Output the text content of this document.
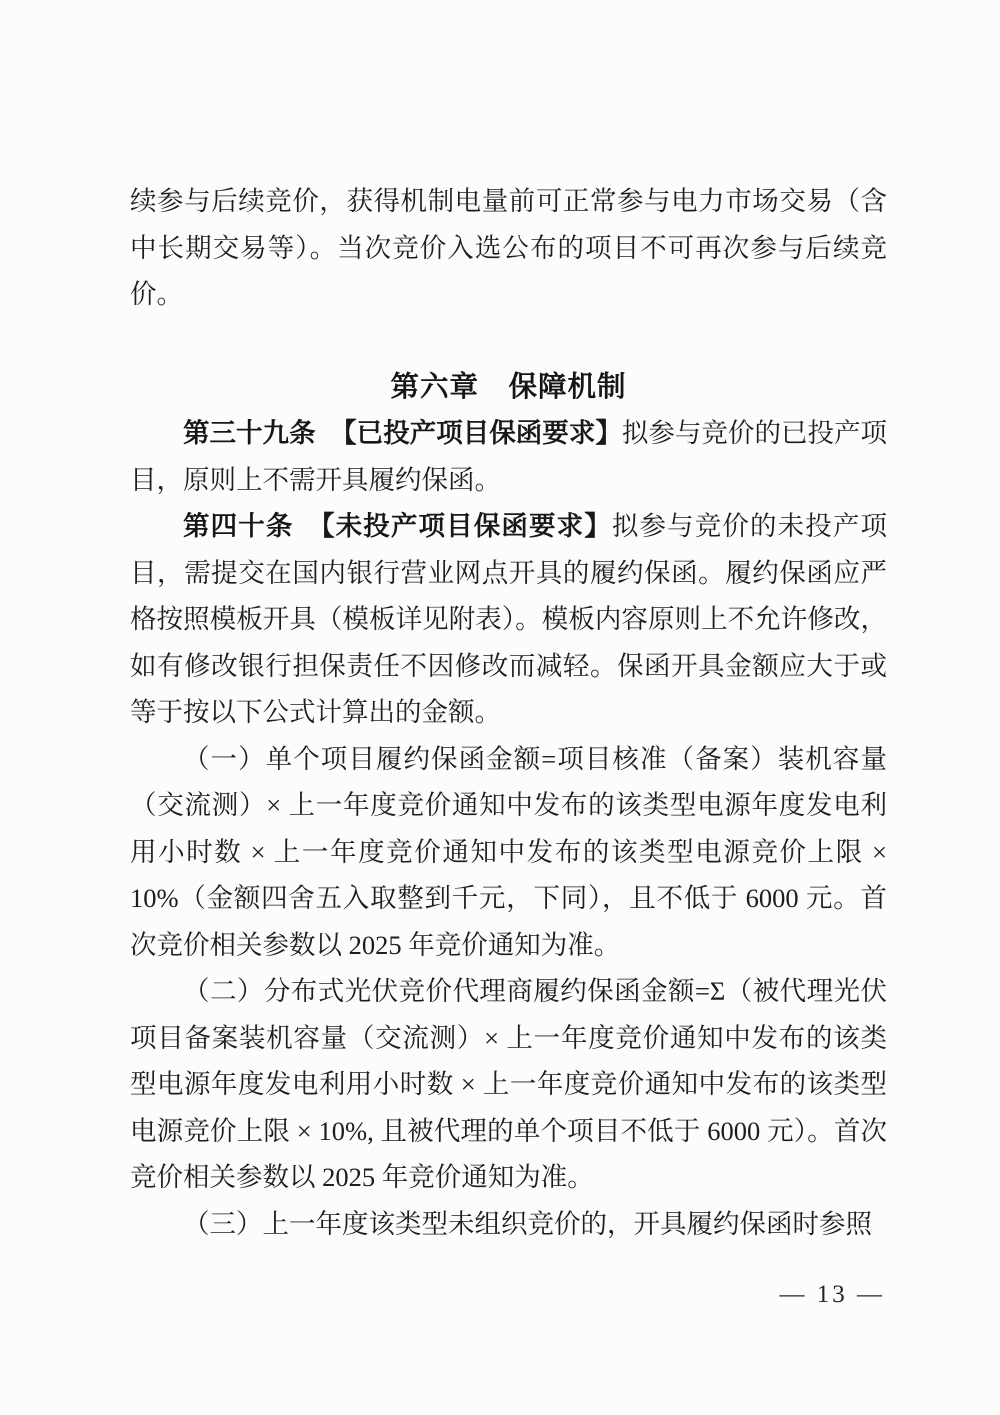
续参与后续竞价，获得机制电量前可正常参与电力市场交易（含中长期交易等）。当次竞价入选公布的项目不可再次参与后续竞价。

第六章　保障机制

第三十九条 【已投产项目保函要求】拟参与竞价的已投产项目，原则上不需开具履约保函。

第四十条 【未投产项目保函要求】拟参与竞价的未投产项目，需提交在国内银行营业网点开具的履约保函。履约保函应严格按照模板开具（模板详见附表）。模板内容原则上不允许修改，如有修改银行担保责任不因修改而减轻。保函开具金额应大于或等于按以下公式计算出的金额。

（一）单个项目履约保函金额=项目核准（备案）装机容量（交流测）× 上一年度竞价通知中发布的该类型电源年度发电利用小时数 × 上一年度竞价通知中发布的该类型电源竞价上限 × 10%（金额四舍五入取整到千元，下同），且不低于 6000 元。首次竞价相关参数以 2025 年竞价通知为准。

（二）分布式光伏竞价代理商履约保函金额=Σ（被代理光伏项目备案装机容量（交流测）× 上一年度竞价通知中发布的该类型电源年度发电利用小时数 × 上一年度竞价通知中发布的该类型电源竞价上限 × 10%, 且被代理的单个项目不低于 6000 元）。首次竞价相关参数以 2025 年竞价通知为准。

（三）上一年度该类型未组织竞价的，开具履约保函时参照

— 13 —
